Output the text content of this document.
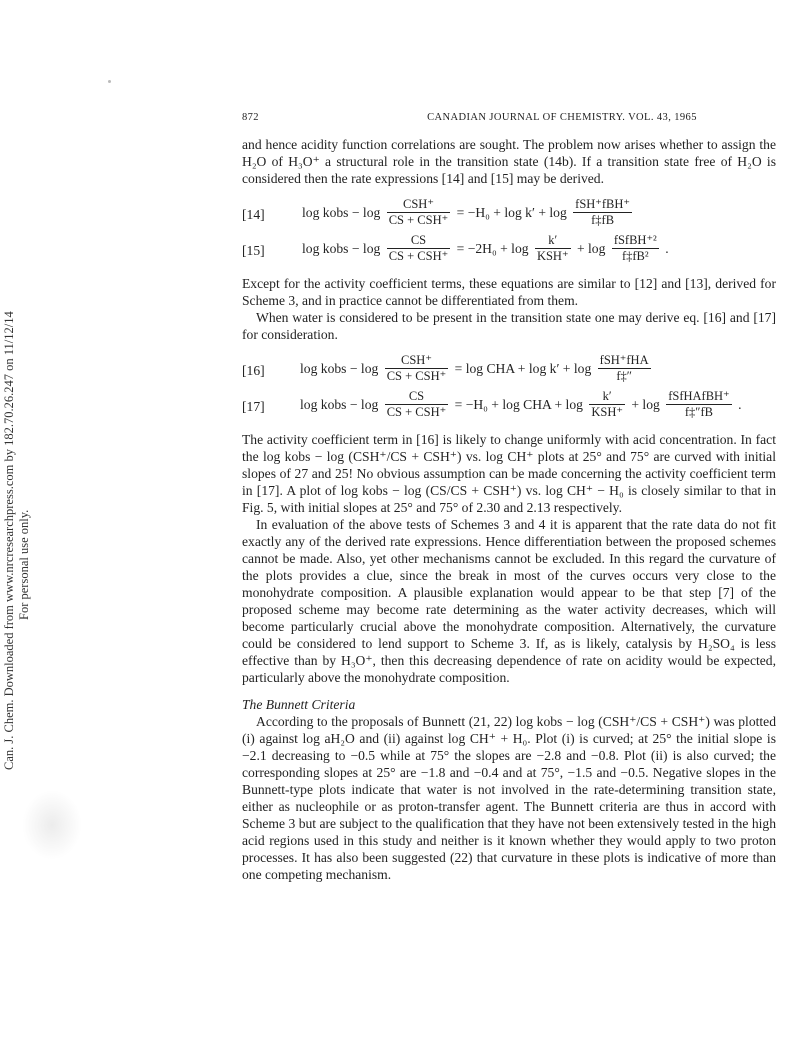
Can. J. Chem. Downloaded from www.nrcresearchpress.com by 182.70.26.247 on 11/12/14 For personal use only.
872	CANADIAN JOURNAL OF CHEMISTRY. VOL. 43, 1965

and hence acidity function correlations are sought. The problem now arises whether to assign the H₂O of H₃O⁺ a structural role in the transition state (14b). If a transition state free of H₂O is considered then the rate expressions [14] and [15] may be derived.

[14]	log kobs − $\log \frac{\text{CSH⁺}}{\text{CS + CSH⁺}} = -H_0 + \log k' + \log \frac{\text{fSH⁺fBH⁺}}{f\ddagger fB}$
[15]	log kobs − $\log \frac{CS}{\text{CS + CSH⁺}} = -2H_0 + \log \frac{k'}{\text{KSH⁺}} + \log \frac{\text{fSfBH⁺²}}{\text{f‡fB²}}$ .

Except for the activity coefficient terms, these equations are similar to [12] and [13], derived for Scheme 3, and in practice cannot be differentiated from them.

When water is considered to be present in the transition state one may derive eq. [16] and [17] for consideration.

[16]	log kobs − $\log \frac{\text{CSH⁺}}{\text{CS + CSH⁺}} = \log$ CHA + $\log k' + \log \frac{\text{fSH⁺fHA}}{f\ddagger''}$
[17]	log kobs − $\log \frac{CS}{\text{CS + CSH⁺}} = -H_0 + \log$ CHA + $\log \frac{k'}{\text{KSH⁺}} + \log \frac{\text{fSfHAfBH⁺}}{f\ddagger''fB}$ .

The activity coefficient term in [16] is likely to change uniformly with acid concentration. In fact the log kobs − log (CSH⁺/CS + CSH⁺) vs. log CH⁺ plots at 25° and 75° are curved with initial slopes of 27 and 25! No obvious assumption can be made concerning the activity coefficient term in [17]. A plot of log kobs − log (CS/CS + CSH⁺) vs. log CH⁺ − H₀ is closely similar to that in Fig. 5, with initial slopes at 25° and 75° of 2.30 and 2.13 respectively.

In evaluation of the above tests of Schemes 3 and 4 it is apparent that the rate data do not fit exactly any of the derived rate expressions. Hence differentiation between the proposed schemes cannot be made. Also, yet other mechanisms cannot be excluded. In this regard the curvature of the plots provides a clue, since the break in most of the curves occurs very close to the monohydrate composition. A plausible explanation would appear to be that step [7] of the proposed scheme may become rate determining as the water activity decreases, which will become particularly crucial above the monohydrate composition. Alternatively, the curvature could be considered to lend support to Scheme 3. If, as is likely, catalysis by H₂SO₄ is less effective than by H₃O⁺, then this decreasing dependence of rate on acidity would be expected, particularly above the monohydrate composition.

The Bunnett Criteria

According to the proposals of Bunnett (21, 22) log kobs − log (CSH⁺/CS + CSH⁺) was plotted (i) against log aH₂O and (ii) against log CH⁺ + H₀. Plot (i) is curved; at 25° the initial slope is −2.1 decreasing to −0.5 while at 75° the slopes are −2.8 and −0.8. Plot (ii) is also curved; the corresponding slopes at 25° are −1.8 and −0.4 and at 75°, −1.5 and −0.5. Negative slopes in the Bunnett-type plots indicate that water is not involved in the rate-determining transition state, either as nucleophile or as proton-transfer agent. The Bunnett criteria are thus in accord with Scheme 3 but are subject to the qualification that they have not been extensively tested in the high acid regions used in this study and neither is it known whether they would apply to two proton processes. It has also been suggested (22) that curvature in these plots is indicative of more than one competing mechanism.
